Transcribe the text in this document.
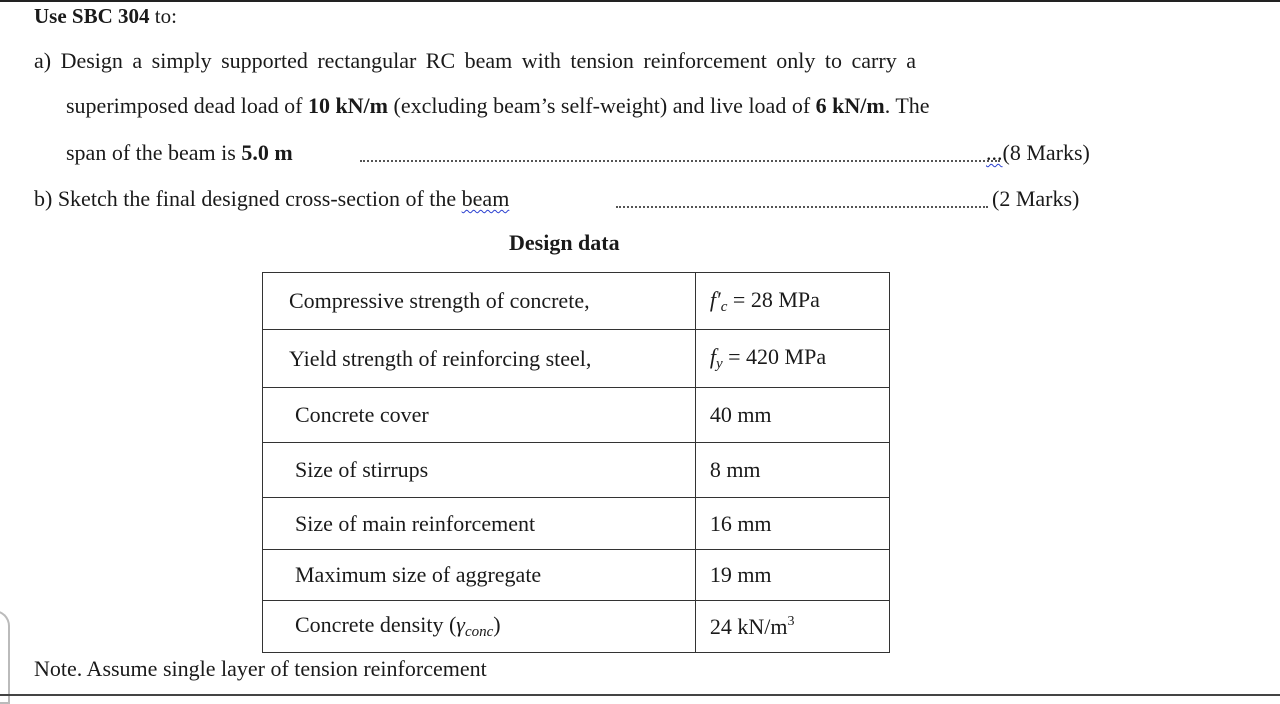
Use SBC 304 to:
a) Design a simply supported rectangular RC beam with tension reinforcement only to carry a
superimposed dead load of 10 kN/m (excluding beam’s self-weight) and live load of 6 kN/m. The
span of the beam is 5.0 m	...(8 Marks)
b) Sketch the final designed cross-section of the beam	(2 Marks)
Design data
Compressive strength of concrete,	$f'_c = 28$ MPa
Yield strength of reinforcing steel,	$f_y = 420$ MPa
Concrete cover	40 mm
Size of stirrups	8 mm
Size of main reinforcement	16 mm
Maximum size of aggregate	19 mm
Concrete density $(\gamma_{conc})$	24 $kN/m^3$
Note. Assume single layer of tension reinforcement
